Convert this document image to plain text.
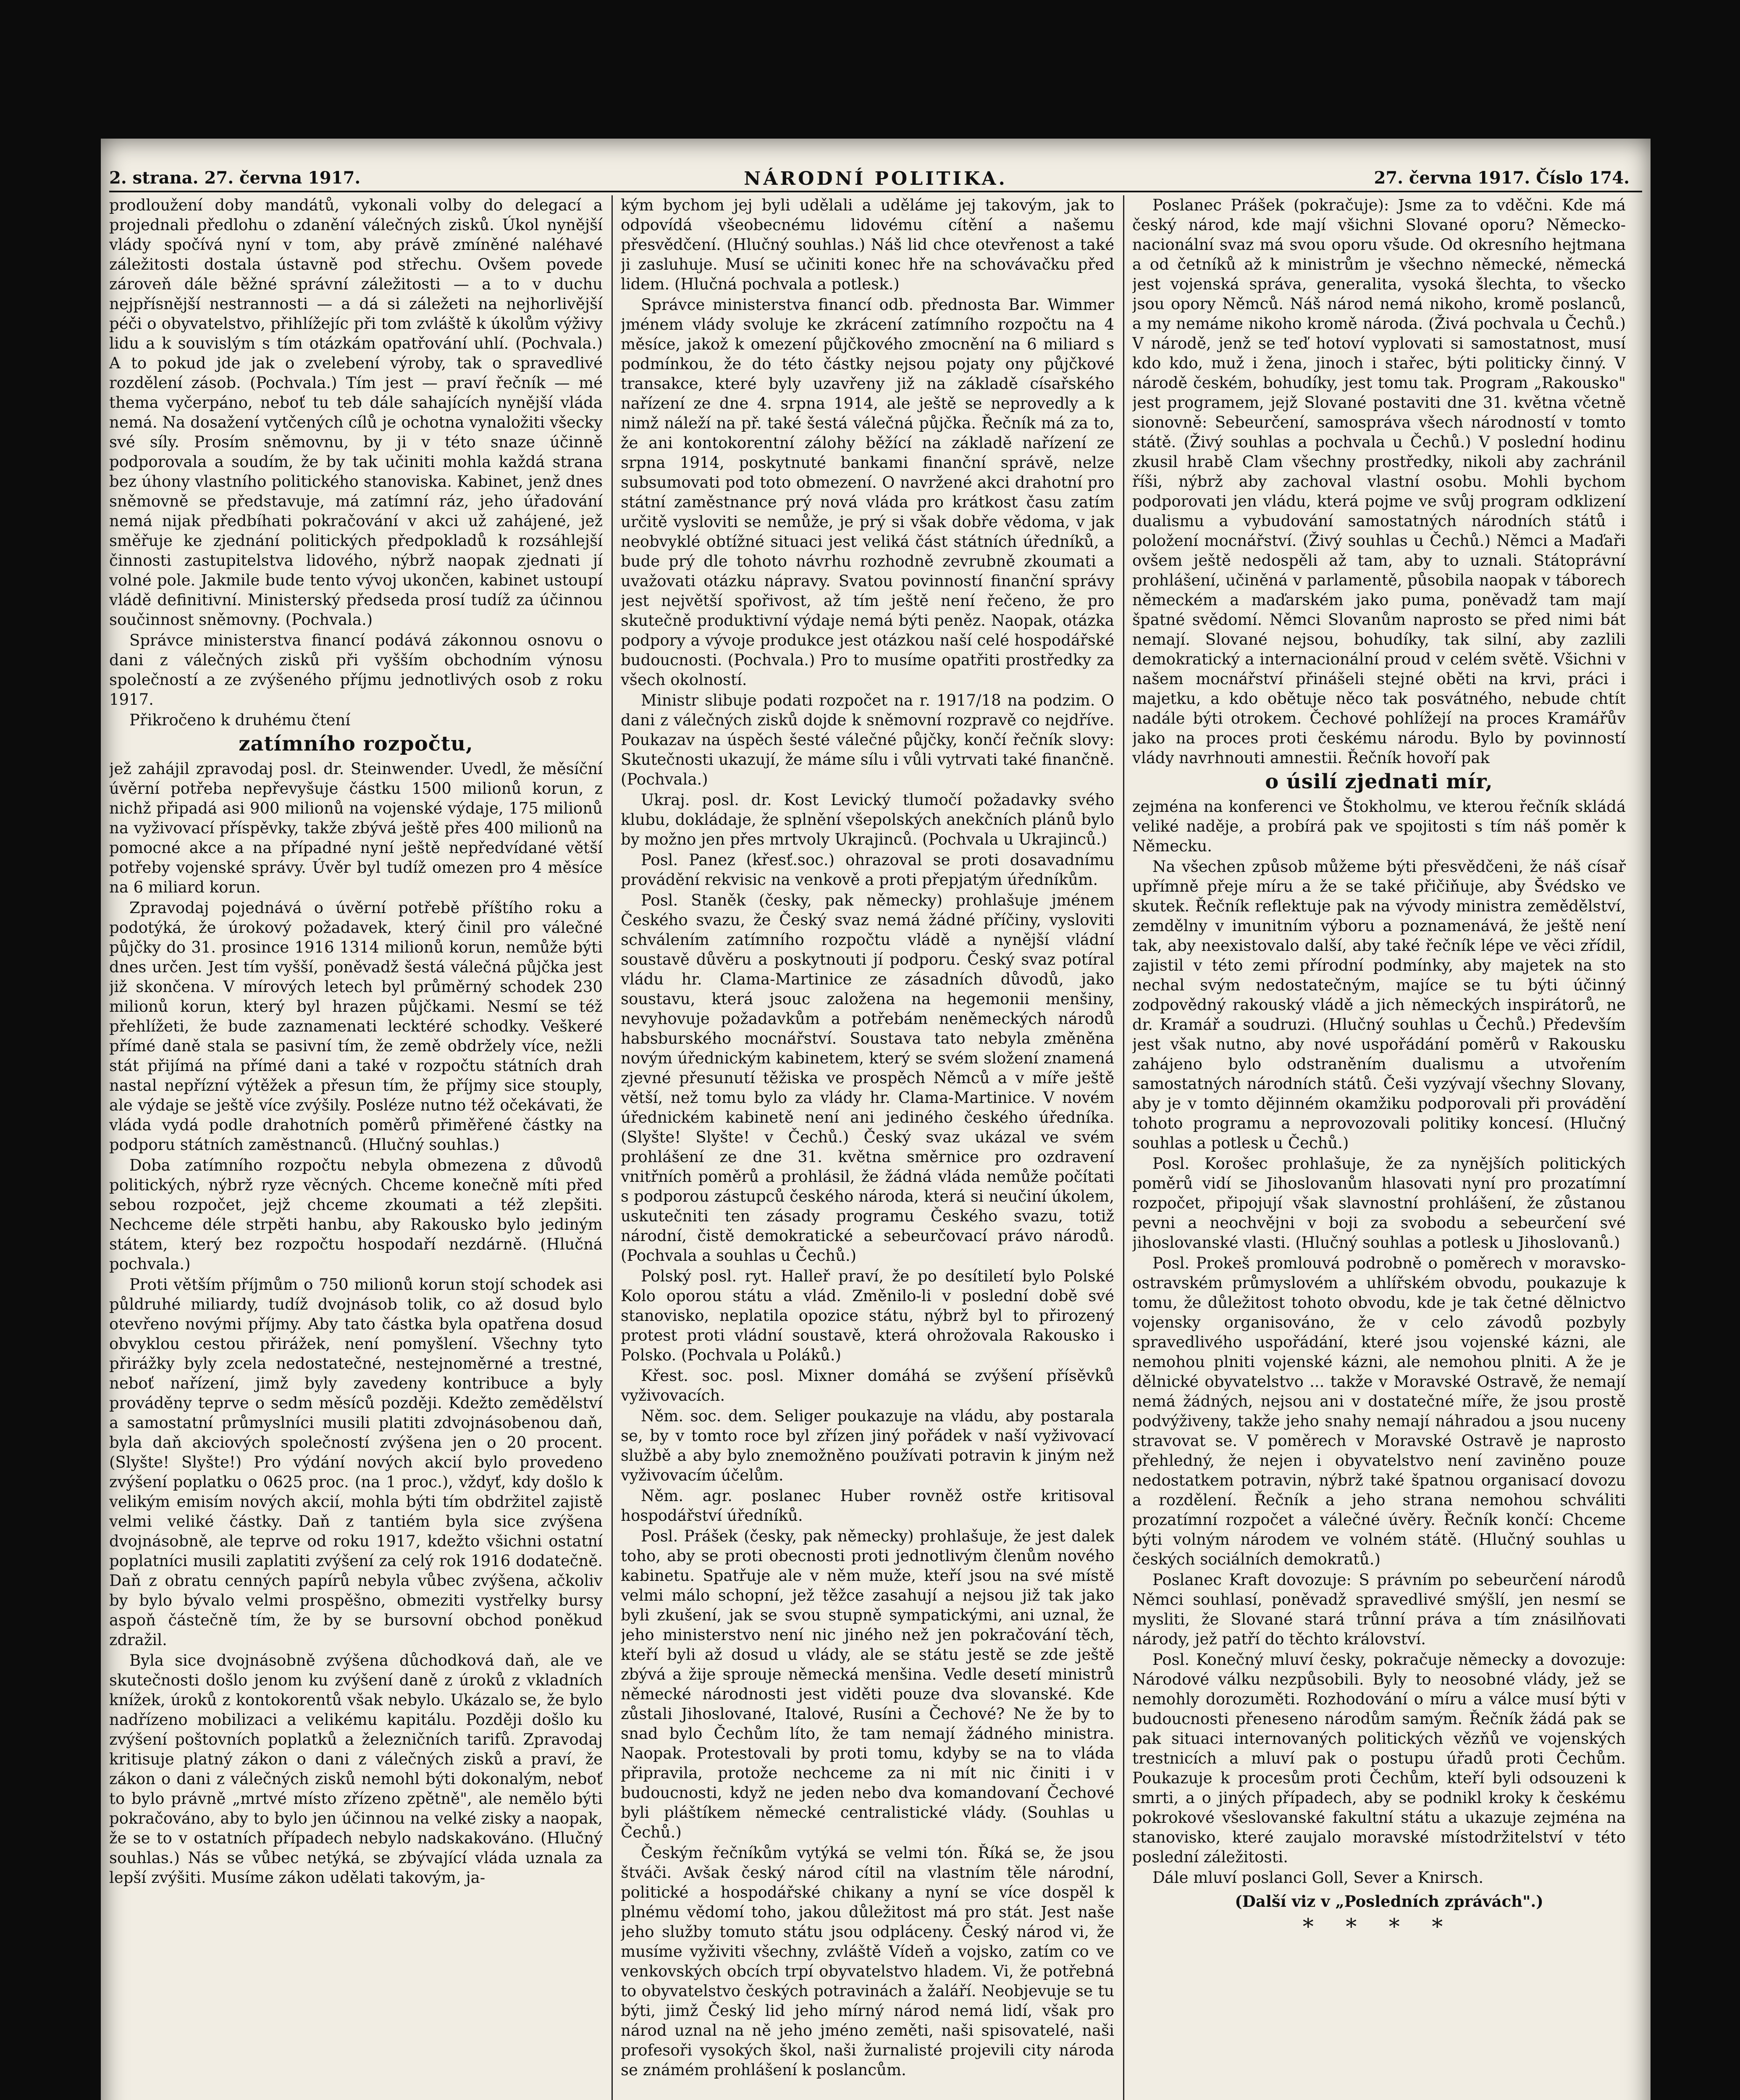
2. strana. 27. června 1917.	NÁRODNÍ POLITIKA.	27. června 1917. Číslo 174.

prodloužení doby mandátů, vykonali volby do delegací a projednali předlohu o zdanění válečných zisků. Úkol nynější vlády spočívá nyní v tom, aby právě zmíněné naléhavé záležitosti dostala ústavně pod střechu. Ovšem povede zároveň dále běžné správní záležitosti — a to v duchu nejpřísnější nestrannosti — a dá si záležeti na nejhorlivější péči o obyvatelstvo, přihlížejíc při tom zvláště k úkolům výživy lidu a k souvislým s tím otázkám opatřování uhlí. (Pochvala.) A to pokud jde jak o zvelebení výroby, tak o spravedlivé rozdělení zásob. (Pochvala.) Tím jest — praví řečník — mé thema vyčerpáno, neboť tu teb dále sahajících nynější vláda nemá. Na dosažení vytčených cílů je ochotna vynaložiti všecky své síly. Prosím sněmovnu, by ji v této snaze účinně podporovala a soudím, že by tak učiniti mohla každá strana bez úhony vlastního politického stanoviska. Kabinet, jenž dnes sněmovně se představuje, má zatímní ráz, jeho úřadování nemá nijak předbíhati pokračování v akci už zahájené, jež směřuje ke zjednání politických předpokladů k rozsáhlejší činnosti zastupitelstva lidového, nýbrž naopak zjednati jí volné pole. Jakmile bude tento vývoj ukončen, kabinet ustoupí vládě definitivní. Ministerský předseda prosí tudíž za účinnou součinnost sněmovny. (Pochvala.)

Správce ministerstva financí podává zákonnou osnovu o dani z válečných zisků při vyšším obchodním výnosu společností a ze zvýšeného příjmu jednotlivých osob z roku 1917.

Přikročeno k druhému čtení

zatímního rozpočtu,

jež zahájil zpravodaj posl. dr. Steinwender. Uvedl, že měsíční úvěrní potřeba nepřevyšuje částku 1500 milionů korun, z nichž připadá asi 900 milionů na vojenské výdaje, 175 milionů na vyživovací příspěvky, takže zbývá ještě přes 400 milionů na pomocné akce a na případné nyní ještě nepředvídané větší potřeby vojenské správy. Úvěr byl tudíž omezen pro 4 měsíce na 6 miliard korun.

Zpravodaj pojednává o úvěrní potřebě příštího roku a podotýká, že úrokový požadavek, který činil pro válečné půjčky do 31. prosince 1916 1314 milionů korun, nemůže býti dnes určen. Jest tím vyšší, poněvadž šestá válečná půjčka jest již skončena. V mírových letech byl průměrný schodek 230 milionů korun, který byl hrazen půjčkami. Nesmí se též přehlížeti, že bude zaznamenati lecktéré schodky. Veškeré přímé daně stala se pasivní tím, že země obdržely více, nežli stát přijímá na přímé dani a také v rozpočtu státních drah nastal nepřízní výtěžek a přesun tím, že příjmy sice stouply, ale výdaje se ještě více zvýšily. Posléze nutno též očekávati, že vláda vydá podle drahotních poměrů přiměřené částky na podporu státních zaměstnanců. (Hlučný souhlas.)

Doba zatímního rozpočtu nebyla obmezena z důvodů politických, nýbrž ryze věcných. Chceme konečně míti před sebou rozpočet, jejž chceme zkoumati a též zlepšiti. Nechceme déle strpěti hanbu, aby Rakousko bylo jediným státem, který bez rozpočtu hospodaří nezdárně. (Hlučná pochvala.)

Proti větším příjmům o 750 milionů korun stojí schodek asi půldruhé miliardy, tudíž dvojnásob tolik, co až dosud bylo otevřeno novými příjmy. Aby tato částka byla opatřena dosud obvyklou cestou přirážek, není pomyšlení. Všechny tyto přirážky byly zcela nedostatečné, nestejnoměrné a trestné, neboť nařízení, jimž byly zavedeny kontribuce a byly prováděny teprve o sedm měsíců později. Kdežto zemědělství a samostatní průmyslníci musili platiti zdvojnásobenou daň, byla daň akciových společností zvýšena jen o 20 procent. (Slyšte! Slyšte!) Pro výdání nových akcií bylo provedeno zvýšení poplatku o 0625 proc. (na 1 proc.), vždyť, kdy došlo k velikým emisím nových akcií, mohla býti tím obdržitel zajistě velmi veliké částky. Daň z tantiém byla sice zvýšena dvojnásobně, ale teprve od roku 1917, kdežto všichni ostatní poplatníci musili zaplatiti zvýšení za celý rok 1916 dodatečně. Daň z obratu cenných papírů nebyla vůbec zvýšena, ačkoliv by bylo bývalo velmi prospěšno, obmeziti vystřelky bursy aspoň částečně tím, že by se bursovní obchod poněkud zdražil.

Byla sice dvojnásobně zvýšena důchodková daň, ale ve skutečnosti došlo jenom ku zvýšení daně z úroků z vkladních knížek, úroků z kontokorentů však nebylo. Ukázalo se, že bylo nadřízeno mobilizaci a velikému kapitálu. Později došlo ku zvýšení poštovních poplatků a železničních tarifů. Zpravodaj kritisuje platný zákon o dani z válečných zisků a praví, že zákon o dani z válečných zisků nemohl býti dokonalým, neboť to bylo právně „mrtvé místo zřízeno zpětně", ale nemělo býti pokračováno, aby to bylo jen účinnou na velké zisky a naopak, že se to v ostatních případech nebylo nadskakováno. (Hlučný souhlas.) Nás se vůbec netýká, se zbývající vláda uznala za lepší zvýšiti. Musíme zákon udělati takovým, ja-

kým bychom jej byli udělali a uděláme jej takovým, jak to odpovídá všeobecnému lidovému cítění a našemu přesvědčení. (Hlučný souhlas.) Náš lid chce otevřenost a také ji zasluhuje. Musí se učiniti konec hře na schovávačku před lidem. (Hlučná pochvala a potlesk.)

Správce ministerstva financí odb. přednosta Bar. Wimmer jménem vlády svoluje ke zkrácení zatímního rozpočtu na 4 měsíce, jakož k omezení půjčkového zmocnění na 6 miliard s podmínkou, že do této částky nejsou pojaty ony půjčkové transakce, které byly uzavřeny již na základě císařského nařízení ze dne 4. srpna 1914, ale ještě se neprovedly a k nimž náleží na př. také šestá válečná půjčka. Řečník má za to, že ani kontokorentní zálohy běžící na základě nařízení ze srpna 1914, poskytnuté bankami finanční správě, nelze subsumovati pod toto obmezení. O navržené akci drahotní pro státní zaměstnance prý nová vláda pro krátkost času zatím určitě vysloviti se nemůže, je prý si však dobře vědoma, v jak neobvyklé obtížné situaci jest veliká část státních úředníků, a bude prý dle tohoto návrhu rozhodně zevrubně zkoumati a uvažovati otázku nápravy. Svatou povinností finanční správy jest největší spořivost, až tím ještě není řečeno, že pro skutečně produktivní výdaje nemá býti peněz. Naopak, otázka podpory a vývoje produkce jest otázkou naší celé hospodářské budoucnosti. (Pochvala.) Pro to musíme opatřiti prostředky za všech okolností.

Ministr slibuje podati rozpočet na r. 1917/18 na podzim. O dani z válečných zisků dojde k sněmovní rozpravě co nejdříve. Poukazav na úspěch šesté válečné půjčky, končí řečník slovy: Skutečnosti ukazují, že máme sílu i vůli vytrvati také finančně. (Pochvala.)

Ukraj. posl. dr. Kost Levický tlumočí požadavky svého klubu, dokládaje, že splnění všepolských anekčních plánů bylo by možno jen přes mrtvoly Ukrajinců. (Pochvala u Ukrajinců.)

Posl. Panez (křesť.soc.) ohrazoval se proti dosavadnímu provádění rekvisic na venkově a proti přepjatým úředníkům.

Posl. Staněk (česky, pak německy) prohlašuje jménem Českého svazu, že Český svaz nemá žádné příčiny, vysloviti schválením zatímního rozpočtu vládě a nynější vládní soustavě důvěru a poskytnouti jí podporu. Český svaz potíral vládu hr. Clama-Martinice ze zásadních důvodů, jako soustavu, která jsouc založena na hegemonii menšiny, nevyhovuje požadavkům a potřebám neněmeckých národů habsburského mocnářství. Soustava tato nebyla změněna novým úřednickým kabinetem, který se svém složení znamená zjevné přesunutí těžiska ve prospěch Němců a v míře ještě větší, než tomu bylo za vlády hr. Clama-Martinice. V novém úřednickém kabinetě není ani jediného českého úředníka. (Slyšte! Slyšte! v Čechů.) Český svaz ukázal ve svém prohlášení ze dne 31. května směrnice pro ozdravení vnitřních poměrů a prohlásil, že žádná vláda nemůže počítati s podporou zástupců českého národa, která si neučiní úkolem, uskutečniti ten zásady programu Českého svazu, totiž národní, čistě demokratické a sebeurčovací právo národů. (Pochvala a souhlas u Čechů.)

Polský posl. ryt. Halleř praví, že po desítiletí bylo Polské Kolo oporou státu a vlád. Změnilo-li v poslední době své stanovisko, neplatila opozice státu, nýbrž byl to přirozený protest proti vládní soustavě, která ohrožovala Rakousko i Polsko. (Pochvala u Poláků.)

Křest. soc. posl. Mixner domáhá se zvýšení přísěvků vyživovacích.

Něm. soc. dem. Seliger poukazuje na vládu, aby postarala se, by v tomto roce byl zřízen jiný pořádek v naší vyživovací službě a aby bylo znemožněno používati potravin k jiným než vyživovacím účelům.

Něm. agr. poslanec Huber rovněž ostře kritisoval hospodářství úředníků.

Posl. Prášek (česky, pak německy) prohlašuje, že jest dalek toho, aby se proti obecnosti proti jednotlivým členům nového kabinetu. Spatřuje ale v něm muže, kteří jsou na své místě velmi málo schopní, jež těžce zasahují a nejsou již tak jako byli zkušení, jak se svou stupně sympatickými, ani uznal, že jeho ministerstvo není nic jiného než jen pokračování těch, kteří byli až dosud u vlády, ale se státu jestě se zde ještě zbývá a žije sprouje německá menšina. Vedle desetí ministrů německé národnosti jest viděti pouze dva slovanské. Kde zůstali Jihoslované, Italové, Rusíni a Čechové? Ne že by to snad bylo Čechům líto, že tam nemají žádného ministra. Naopak. Protestovali by proti tomu, kdyby se na to vláda připravila, protože nechceme za ni mít nic činiti i v budoucnosti, když ne jeden nebo dva komandovaní Čechové byli pláštíkem německé centralistické vlády. (Souhlas u Čechů.)

Českým řečníkům vytýká se velmi tón. Říká se, že jsou štváči. Avšak český národ cítil na vlastním těle národní, politické a hospodářské chikany a nyní se více dospěl k plnému vědomí toho, jakou důležitost má pro stát. Jest naše jeho služby tomuto státu jsou odpláceny. Český národ vi, že musíme vyživiti všechny, zvláště Vídeň a vojsko, zatím co ve venkovských obcích trpí obyvatelstvo hladem. Vi, že potřebná to obyvatelstvo českých potravinách a žaláří. Neobjevuje se tu býti, jimž Český lid jeho mírný národ nemá lidí, však pro národ uznal na ně jeho jméno zeměti, naši spisovatelé, naši profesoři vysokých škol, naši žurnalisté projevili city národa se známém prohlášení k poslancům.

Poslanec Prášek (pokračuje): Jsme za to vděčni. Kde má český národ, kde mají všichni Slované oporu? Německo-nacionální svaz má svou oporu všude. Od okresního hejtmana a od četníků až k ministrům je všechno německé, německá jest vojenská správa, generalita, vysoká šlechta, to všecko jsou opory Němců. Náš národ nemá nikoho, kromě poslanců, a my nemáme nikoho kromě národa. (Živá pochvala u Čechů.) V národě, jenž se teď hotoví vyplovati si samostatnost, musí kdo kdo, muž i žena, jinoch i stařec, býti politicky činný. V národě českém, bohudíky, jest tomu tak. Program „Rakousko" jest programem, jejž Slované postaviti dne 31. května včetně sionovně: Sebeurčení, samospráva všech národností v tomto státě. (Živý souhlas a pochvala u Čechů.) V poslední hodinu zkusil hrabě Clam všechny prostředky, nikoli aby zachránil říši, nýbrž aby zachoval vlastní osobu. Mohli bychom podporovati jen vládu, která pojme ve svůj program odklizení dualismu a vybudování samostatných národních států i položení mocnářství. (Živý souhlas u Čechů.) Němci a Maďaři ovšem ještě nedospěli až tam, aby to uznali. Státoprávní prohlášení, učiněná v parlamentě, působila naopak v táborech německém a maďarském jako puma, poněvadž tam mají špatné svědomí. Němci Slovanům naprosto se před nimi bát nemají. Slované nejsou, bohudíky, tak silní, aby zazlili demokratický a internacionální proud v celém světě. Všichni v našem mocnářství přinášeli stejné oběti na krvi, práci i majetku, a kdo obětuje něco tak posvátného, nebude chtít nadále býti otrokem. Čechové pohlížejí na proces Kramářův jako na proces proti českému národu. Bylo by povinností vlády navrhnouti amnestii. Řečník hovoří pak

o úsilí zjednati mír,

zejména na konferenci ve Štokholmu, ve kterou řečník skládá veliké naděje, a probírá pak ve spojitosti s tím náš poměr k Německu.

Na všechen způsob můžeme býti přesvědčeni, že náš císař upřímně přeje míru a že se také přičiňuje, aby Švédsko ve skutek. Řečník reflektuje pak na vývody ministra zemědělství, zemdělny v imunitním výboru a poznamenává, že ještě není tak, aby neexistovalo další, aby také řečník lépe ve věci zřídil, zajistil v této zemi přírodní podmínky, aby majetek na sto nechal svým nedostatečným, majíce se tu býti účinný zodpovědný rakouský vládě a jich německých inspirátorů, ne dr. Kramář a soudruzi. (Hlučný souhlas u Čechů.) Především jest však nutno, aby nové uspořádání poměrů v Rakousku zahájeno bylo odstraněním dualismu a utvořením samostatných národních států. Češi vyzývají všechny Slovany, aby je v tomto dějinném okamžiku podporovali při provádění tohoto programu a neprovozovali politiky koncesí. (Hlučný souhlas a potlesk u Čechů.)

Posl. Korošec prohlašuje, že za nynějších politických poměrů vidí se Jihoslovanům hlasovati nyní pro prozatímní rozpočet, připojují však slavnostní prohlášení, že zůstanou pevni a neochvějni v boji za svobodu a sebeurčení své jihoslovanské vlasti. (Hlučný souhlas a potlesk u Jihoslovanů.)

Posl. Prokeš promlouvá podrobně o poměrech v moravsko-ostravském průmyslovém a uhlířském obvodu, poukazuje k tomu, že důležitost tohoto obvodu, kde je tak četné dělnictvo vojensky organisováno, že v celo závodů pozbyly spravedlivého uspořádání, které jsou vojenské kázni, ale nemohou plniti vojenské kázni, ale nemohou plniti. A že je dělnické obyvatelstvo ... takže v Moravské Ostravě, že nemají nemá žádných, nejsou ani v dostatečné míře, že jsou prostě podvýživeny, takže jeho snahy nemají náhradou a jsou nuceny stravovat se. V poměrech v Moravské Ostravě je naprosto přehledný, že nejen i obyvatelstvo není zaviněno pouze nedostatkem potravin, nýbrž také špatnou organisací dovozu a rozdělení. Řečník a jeho strana nemohou schváliti prozatímní rozpočet a válečné úvěry. Řečník končí: Chceme býti volným národem ve volném státě. (Hlučný souhlas u českých sociálních demokratů.)

Poslanec Kraft dovozuje: S právním po sebeurčení národů Němci souhlasí, poněvadž spravedlivé smýšlí, jen nesmí se mysliti, že Slované stará trůnní práva a tím znásilňovati národy, jež patří do těchto království.

Posl. Konečný mluví česky, pokračuje německy a dovozuje: Národové válku nezpůsobili. Byly to neosobné vlády, jež se nemohly dorozuměti. Rozhodování o míru a válce musí býti v budoucnosti přeneseno národům samým. Řečník žádá pak se pak situaci internovaných politických vězňů ve vojenských trestnicích a mluví pak o postupu úřadů proti Čechům. Poukazuje k procesům proti Čechům, kteří byli odsouzeni k smrti, a o jiných případech, aby se podnikl kroky k českému pokrokové všeslovanské fakultní státu a ukazuje zejména na stanovisko, které zaujalo moravské místodržitelství v této poslední záležitosti.

Dále mluví poslanci Goll, Sever a Knirsch.

(Další viz v „Posledních zprávách".)

* * * *
